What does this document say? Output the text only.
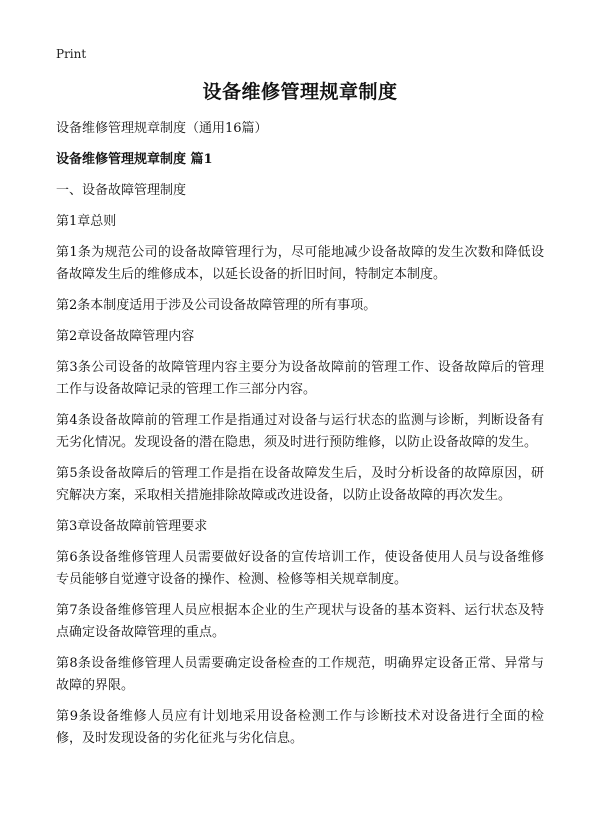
Print
设备维修管理规章制度

设备维修管理规章制度（通用16篇）

设备维修管理规章制度 篇1

一、设备故障管理制度

第1章总则

第1条为规范公司的设备故障管理行为，尽可能地减少设备故障的发生次数和降低设备故障发生后的维修成本，以延长设备的折旧时间，特制定本制度。

第2条本制度适用于涉及公司设备故障管理的所有事项。

第2章设备故障管理内容

第3条公司设备的故障管理内容主要分为设备故障前的管理工作、设备故障后的管理工作与设备故障记录的管理工作三部分内容。

第4条设备故障前的管理工作是指通过对设备与运行状态的监测与诊断，判断设备有无劣化情况。发现设备的潜在隐患，须及时进行预防维修，以防止设备故障的发生。

第5条设备故障后的管理工作是指在设备故障发生后，及时分析设备的故障原因，研究解决方案，采取相关措施排除故障或改进设备，以防止设备故障的再次发生。

第3章设备故障前管理要求

第6条设备维修管理人员需要做好设备的宣传培训工作，使设备使用人员与设备维修专员能够自觉遵守设备的操作、检测、检修等相关规章制度。

第7条设备维修管理人员应根据本企业的生产现状与设备的基本资料、运行状态及特点确定设备故障管理的重点。

第8条设备维修管理人员需要确定设备检查的工作规范，明确界定设备正常、异常与故障的界限。

第9条设备维修人员应有计划地采用设备检测工作与诊断技术对设备进行全面的检修，及时发现设备的劣化征兆与劣化信息。
